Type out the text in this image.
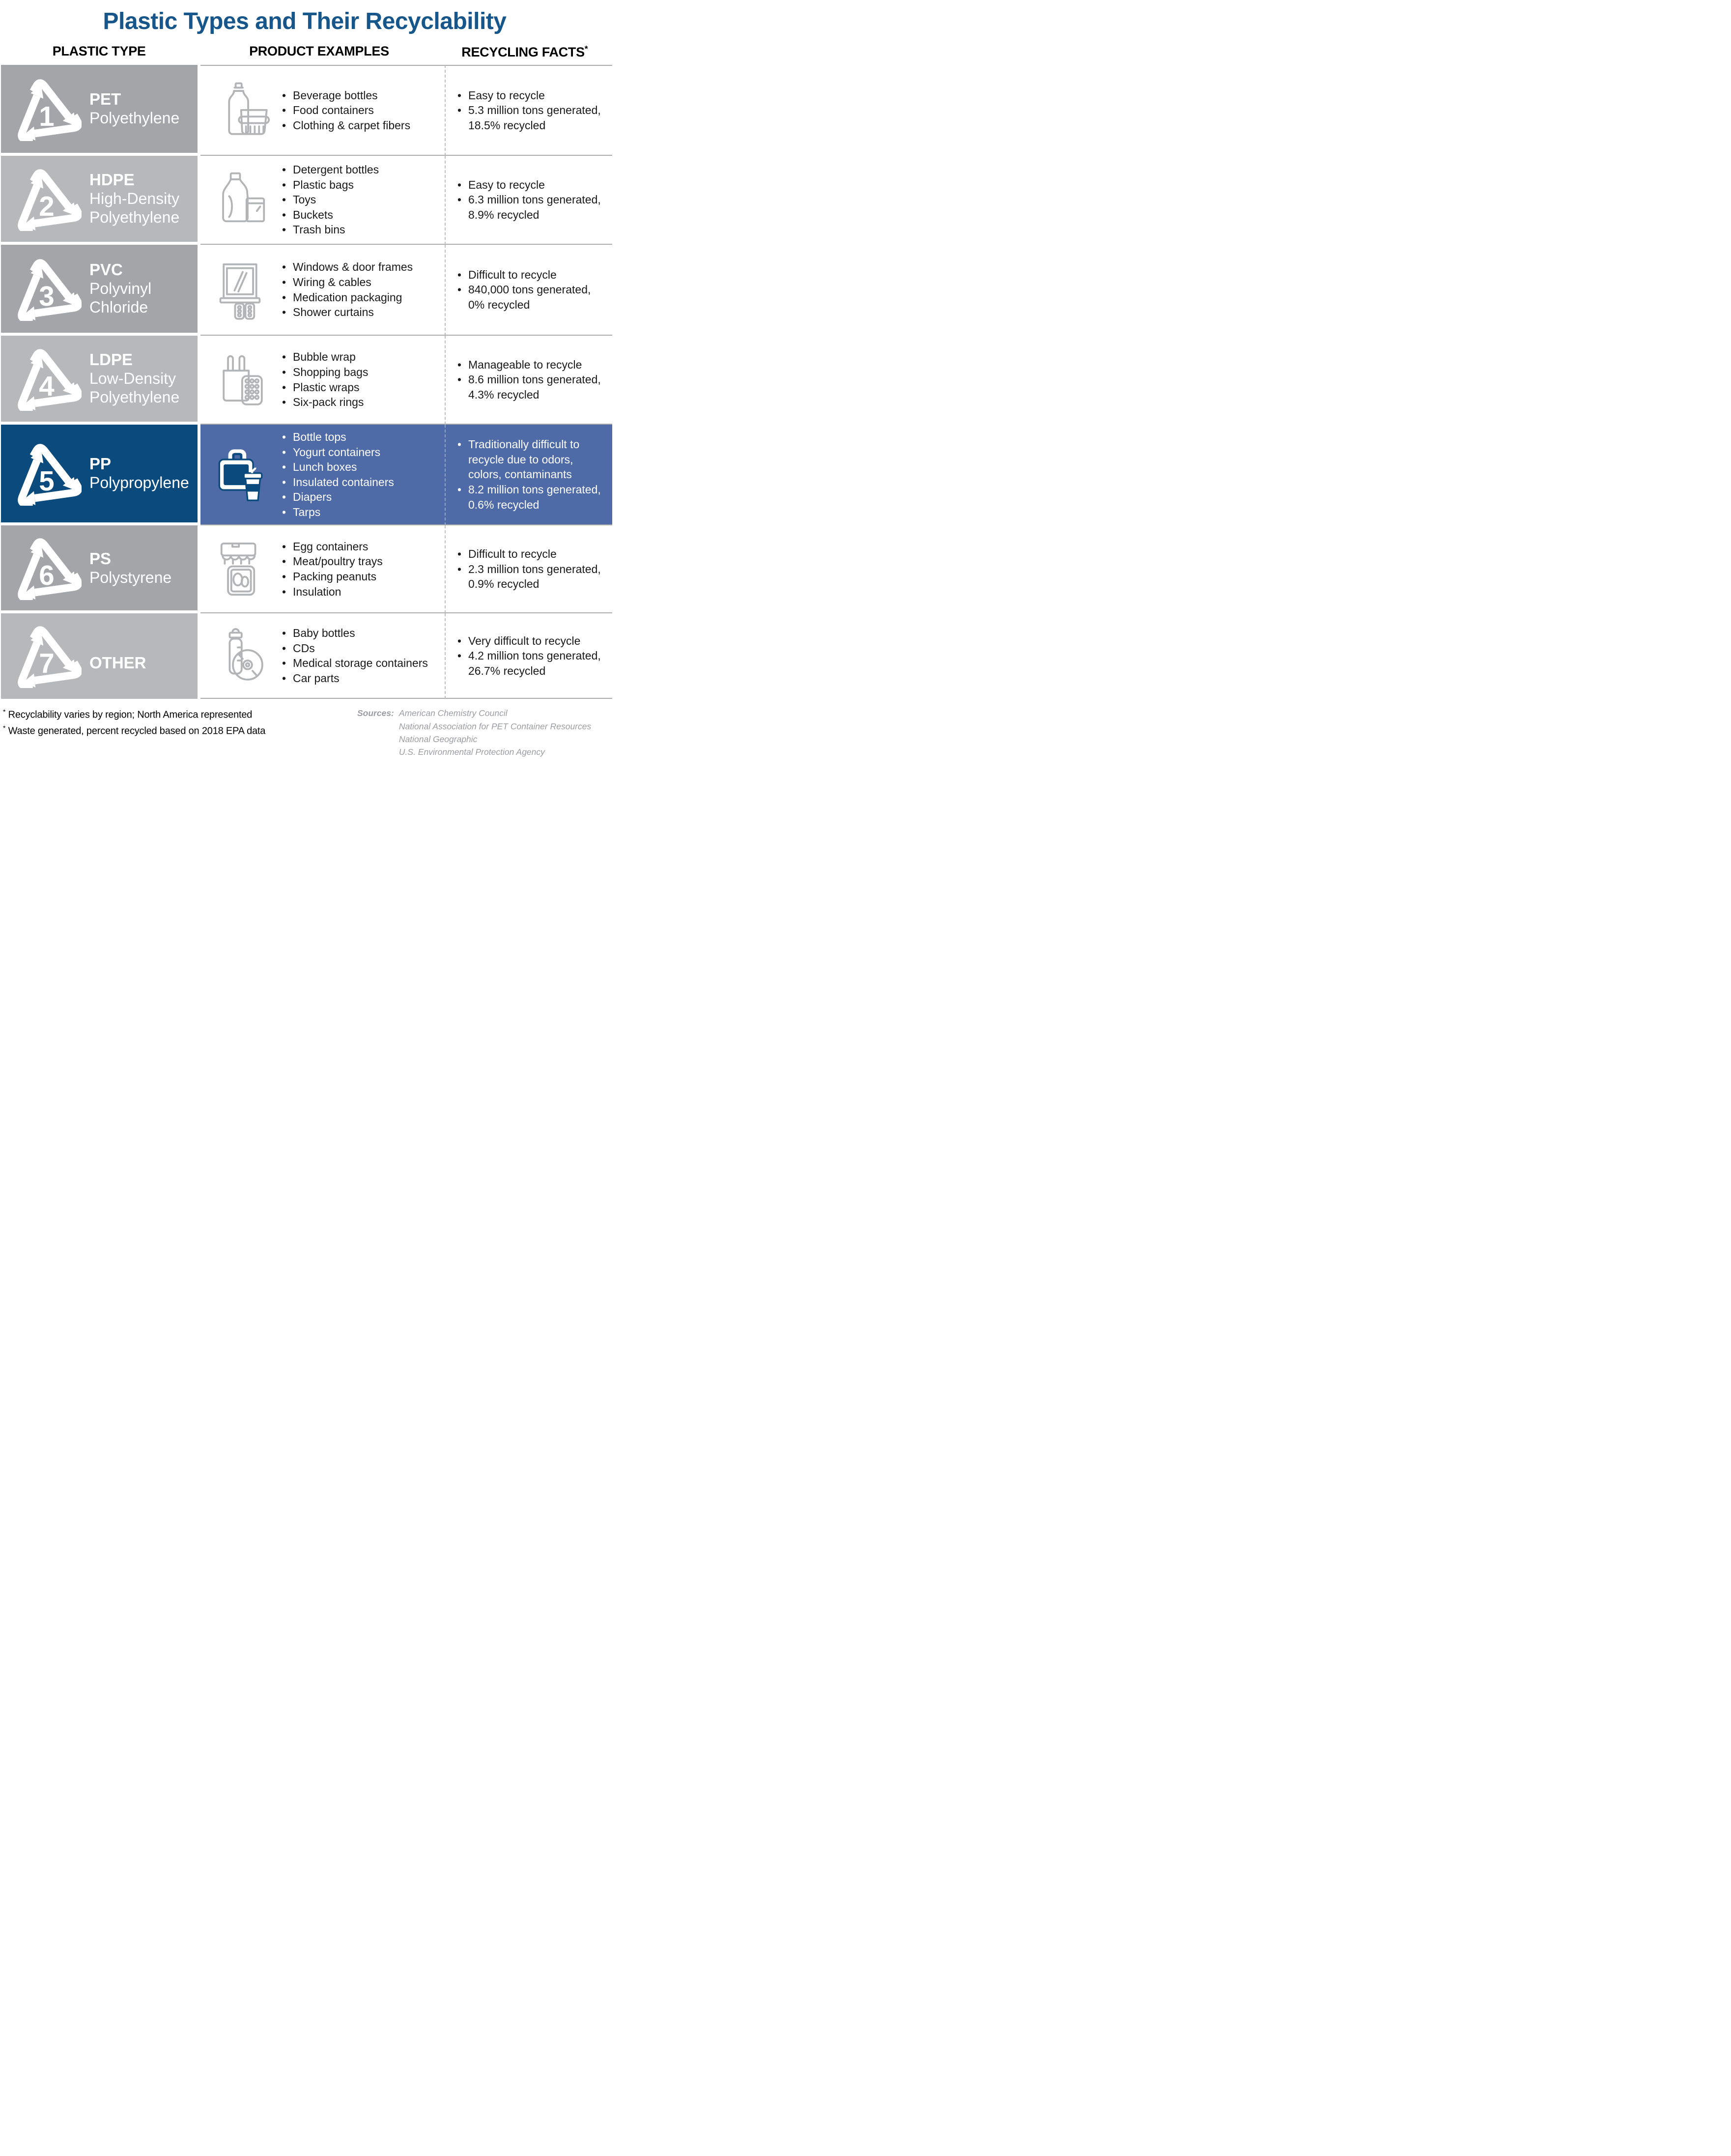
Plastic Types and Their Recyclability
PLASTIC TYPE	PRODUCT EXAMPLES	RECYCLING FACTS*
1
PET
Polyethylene
• Beverage bottles
• Food containers
• Clothing & carpet fibers
• Easy to recycle
• 5.3 million tons generated, 18.5% recycled
2
HDPE
High-Density
Polyethylene
• Detergent bottles
• Plastic bags
• Toys
• Buckets
• Trash bins
• Easy to recycle
• 6.3 million tons generated, 8.9% recycled
3
PVC
Polyvinyl
Chloride
• Windows & door frames
• Wiring & cables
• Medication packaging
• Shower curtains
• Difficult to recycle
• 840,000 tons generated, 0% recycled
4
LDPE
Low-Density
Polyethylene
• Bubble wrap
• Shopping bags
• Plastic wraps
• Six-pack rings
• Manageable to recycle
• 8.6 million tons generated, 4.3% recycled
5
PP
Polypropylene
• Bottle tops
• Yogurt containers
• Lunch boxes
• Insulated containers
• Diapers
• Tarps
• Traditionally difficult to recycle due to odors, colors, contaminants
• 8.2 million tons generated, 0.6% recycled
6
PS
Polystyrene
• Egg containers
• Meat/poultry trays
• Packing peanuts
• Insulation
• Difficult to recycle
• 2.3 million tons generated, 0.9% recycled
7 OTHER
• Baby bottles
• CDs
• Medical storage containers
• Car parts
• Very difficult to recycle
• 4.2 million tons generated, 26.7% recycled
* Recyclability varies by region; North America represented
* Waste generated, percent recycled based on 2018 EPA data
Sources: American Chemistry Council
National Association for PET Container Resources
National Geographic
U.S. Environmental Protection Agency
